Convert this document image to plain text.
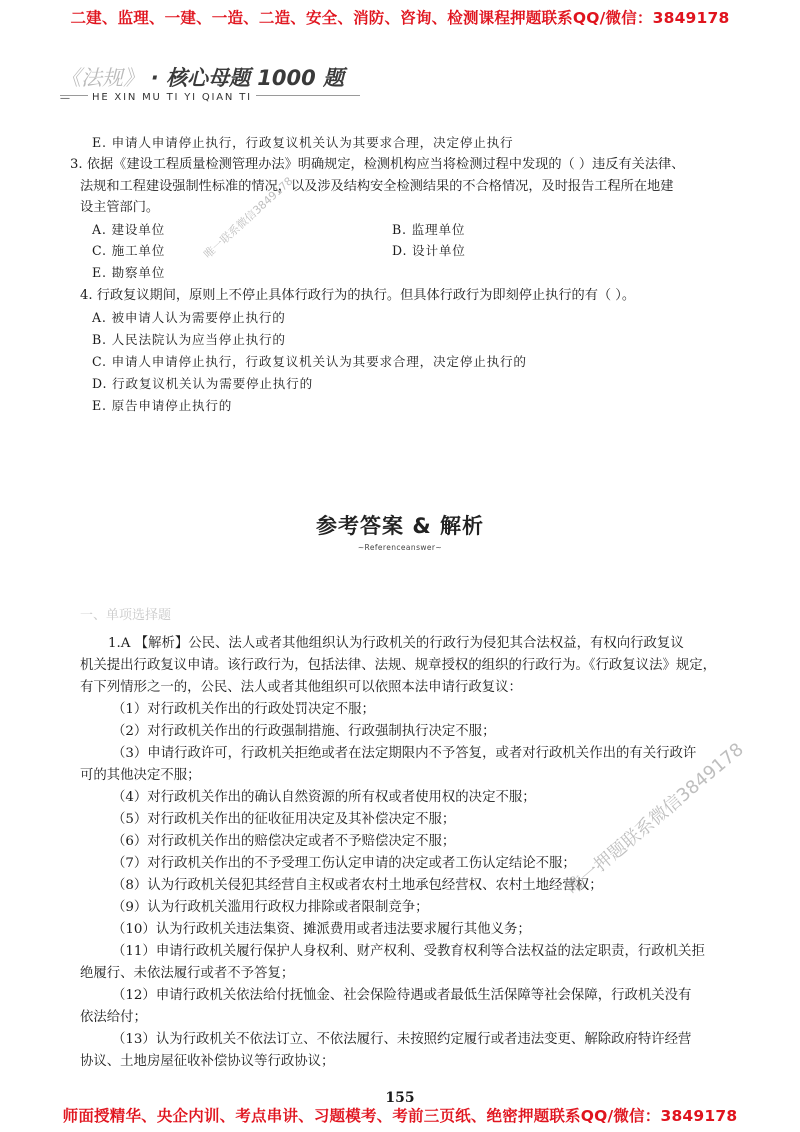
二建、监理、一建、一造、二造、安全、消防、咨询、检测课程押题联系QQ/微信：3849178
《法规》 · 核心母题 1000 题
—	HE XIN MU TI YI QIAN TI
E. 申请人申请停止执行，行政复议机关认为其要求合理，决定停止执行
3. 依据《建设工程质量检测管理办法》明确规定，检测机构应当将检测过程中发现的（ ）违反有关法律、
法规和工程建设强制性标准的情况，以及涉及结构安全检测结果的不合格情况，及时报告工程所在地建
设主管部门。
A. 建设单位	B. 监理单位
C. 施工单位	D. 设计单位
E. 勘察单位
4. 行政复议期间，原则上不停止具体行政行为的执行。但具体行政行为即刻停止执行的有（ ）。
A. 被申请人认为需要停止执行的
B. 人民法院认为应当停止执行的
C. 申请人申请停止执行，行政复议机关认为其要求合理，决定停止执行的
D. 行政复议机关认为需要停止执行的
E. 原告申请停止执行的
参考答案 & 解析
~Referenceanswer~
一、单项选择题
1.A 【解析】公民、法人或者其他组织认为行政机关的行政行为侵犯其合法权益，有权向行政复议
机关提出行政复议申请。该行政行为，包括法律、法规、规章授权的组织的行政行为。《行政复议法》规定，
有下列情形之一的，公民、法人或者其他组织可以依照本法申请行政复议：
（1）对行政机关作出的行政处罚决定不服；
（2）对行政机关作出的行政强制措施、行政强制执行决定不服；
（3）申请行政许可，行政机关拒绝或者在法定期限内不予答复，或者对行政机关作出的有关行政许
可的其他决定不服；
（4）对行政机关作出的确认自然资源的所有权或者使用权的决定不服；
（5）对行政机关作出的征收征用决定及其补偿决定不服；
（6）对行政机关作出的赔偿决定或者不予赔偿决定不服；
（7）对行政机关作出的不予受理工伤认定申请的决定或者工伤认定结论不服；
（8）认为行政机关侵犯其经营自主权或者农村土地承包经营权、农村土地经营权；
（9）认为行政机关滥用行政权力排除或者限制竞争；
（10）认为行政机关违法集资、摊派费用或者违法要求履行其他义务；
（11）申请行政机关履行保护人身权利、财产权利、受教育权利等合法权益的法定职责，行政机关拒
绝履行、未依法履行或者不予答复；
（12）申请行政机关依法给付抚恤金、社会保险待遇或者最低生活保障等社会保障，行政机关没有
依法给付；
（13）认为行政机关不依法订立、不依法履行、未按照约定履行或者违法变更、解除政府特许经营
协议、土地房屋征收补偿协议等行政协议；
唯一联系微信3849178
唯一押题联系微信3849178
155
师面授精华、央企内训、考点串讲、习题模考、考前三页纸、绝密押题联系QQ/微信：3849178
